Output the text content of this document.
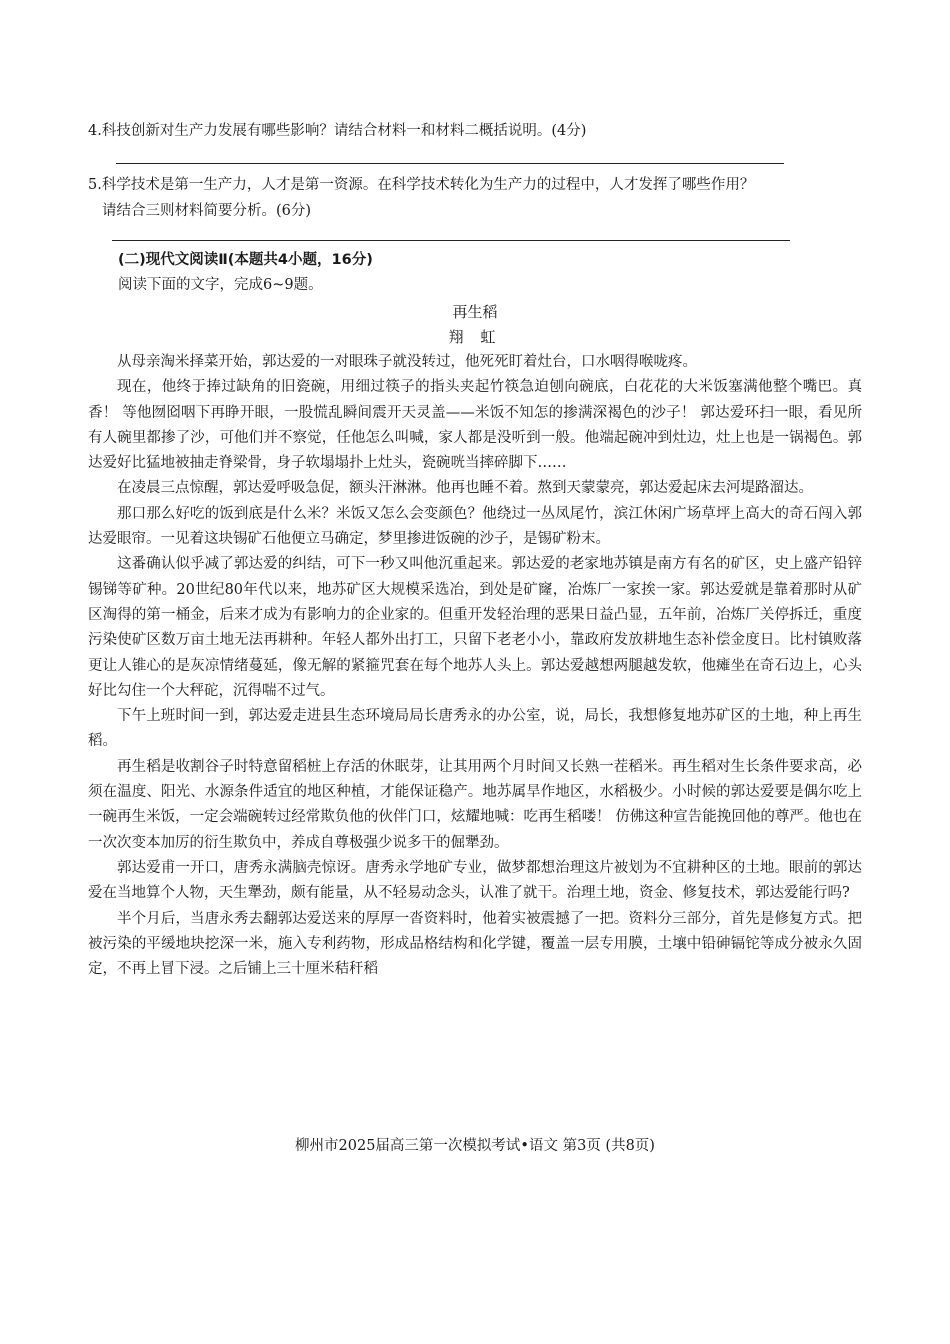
4.科技创新对生产力发展有哪些影响？请结合材料一和材料二概括说明。(4分)
5.科学技术是第一生产力，人才是第一资源。在科学技术转化为生产力的过程中，人才发挥了哪些作用？
请结合三则材料简要分析。(6分)
(二)现代文阅读Ⅱ(本题共4小题，16分)
阅读下面的文字，完成6~9题。
再生稻
翔 虹

从母亲淘米择菜开始，郭达爱的一对眼珠子就没转过，他死死盯着灶台，口水咽得喉咙疼。

现在，他终于捧过缺角的旧瓷碗，用细过筷子的指头夹起竹筷急迫刨向碗底，白花花的大米饭塞满他整个嘴巴。真香！ 等他囫囵咽下再睁开眼，一股慌乱瞬间震开天灵盖——米饭不知怎的掺满深褐色的沙子！ 郭达爱环扫一眼，看见所有人碗里都掺了沙，可他们并不察觉，任他怎么叫喊，家人都是没听到一般。他端起碗冲到灶边，灶上也是一锅褐色。郭达爱好比猛地被抽走脊梁骨，身子软塌塌扑上灶头，瓷碗咣当摔碎脚下……

在凌晨三点惊醒，郭达爱呼吸急促，额头汗淋淋。他再也睡不着。熬到天蒙蒙亮，郭达爱起床去河堤路溜达。

那口那么好吃的饭到底是什么米？米饭又怎么会变颜色？他绕过一丛凤尾竹，滨江休闲广场草坪上高大的奇石闯入郭达爱眼帘。一见着这块锡矿石他便立马确定，梦里掺进饭碗的沙子，是锡矿粉末。

这番确认似乎减了郭达爱的纠结，可下一秒又叫他沉重起来。郭达爱的老家地苏镇是南方有名的矿区，史上盛产铅锌锡锑等矿种。20世纪80年代以来，地苏矿区大规模采选冶，到处是矿窿，冶炼厂一家挨一家。郭达爱就是靠着那时从矿区淘得的第一桶金，后来才成为有影响力的企业家的。但重开发轻治理的恶果日益凸显，五年前，冶炼厂关停拆迁，重度污染使矿区数万亩土地无法再耕种。年轻人都外出打工，只留下老老小小，靠政府发放耕地生态补偿金度日。比村镇败落更让人锥心的是灰凉情绪蔓延，像无解的紧箍咒套在每个地苏人头上。郭达爱越想两腿越发软，他瘫坐在奇石边上，心头好比勾住一个大秤砣，沉得喘不过气。

下午上班时间一到，郭达爱走进县生态环境局局长唐秀永的办公室，说，局长，我想修复地苏矿区的土地，种上再生稻。

再生稻是收割谷子时特意留稻桩上存活的休眠芽，让其用两个月时间又长熟一茬稻米。再生稻对生长条件要求高，必须在温度、阳光、水源条件适宜的地区种植，才能保证稳产。地苏属旱作地区，水稻极少。小时候的郭达爱要是偶尔吃上一碗再生米饭，一定会端碗转过经常欺负他的伙伴门口，炫耀地喊：吃再生稻喽！ 仿佛这种宣告能挽回他的尊严。他也在一次次变本加厉的衍生欺负中，养成自尊极强少说多干的倔犟劲。

郭达爱甫一开口，唐秀永满脑壳惊讶。唐秀永学地矿专业，做梦都想治理这片被划为不宜耕种区的土地。眼前的郭达爱在当地算个人物，天生犟劲，颇有能量，从不轻易动念头，认准了就干。治理土地，资金、修复技术，郭达爱能行吗?

半个月后，当唐永秀去翻郭达爱送来的厚厚一沓资料时，他着实被震撼了一把。资料分三部分，首先是修复方式。把被污染的平缓地块挖深一米，施入专利药物，形成品格结构和化学键，覆盖一层专用膜，土壤中铅砷镉铊等成分被永久固定，不再上冒下浸。之后铺上三十厘米秸秆稻

柳州市2025届高三第一次模拟考试•语文 第3页 (共8页)
